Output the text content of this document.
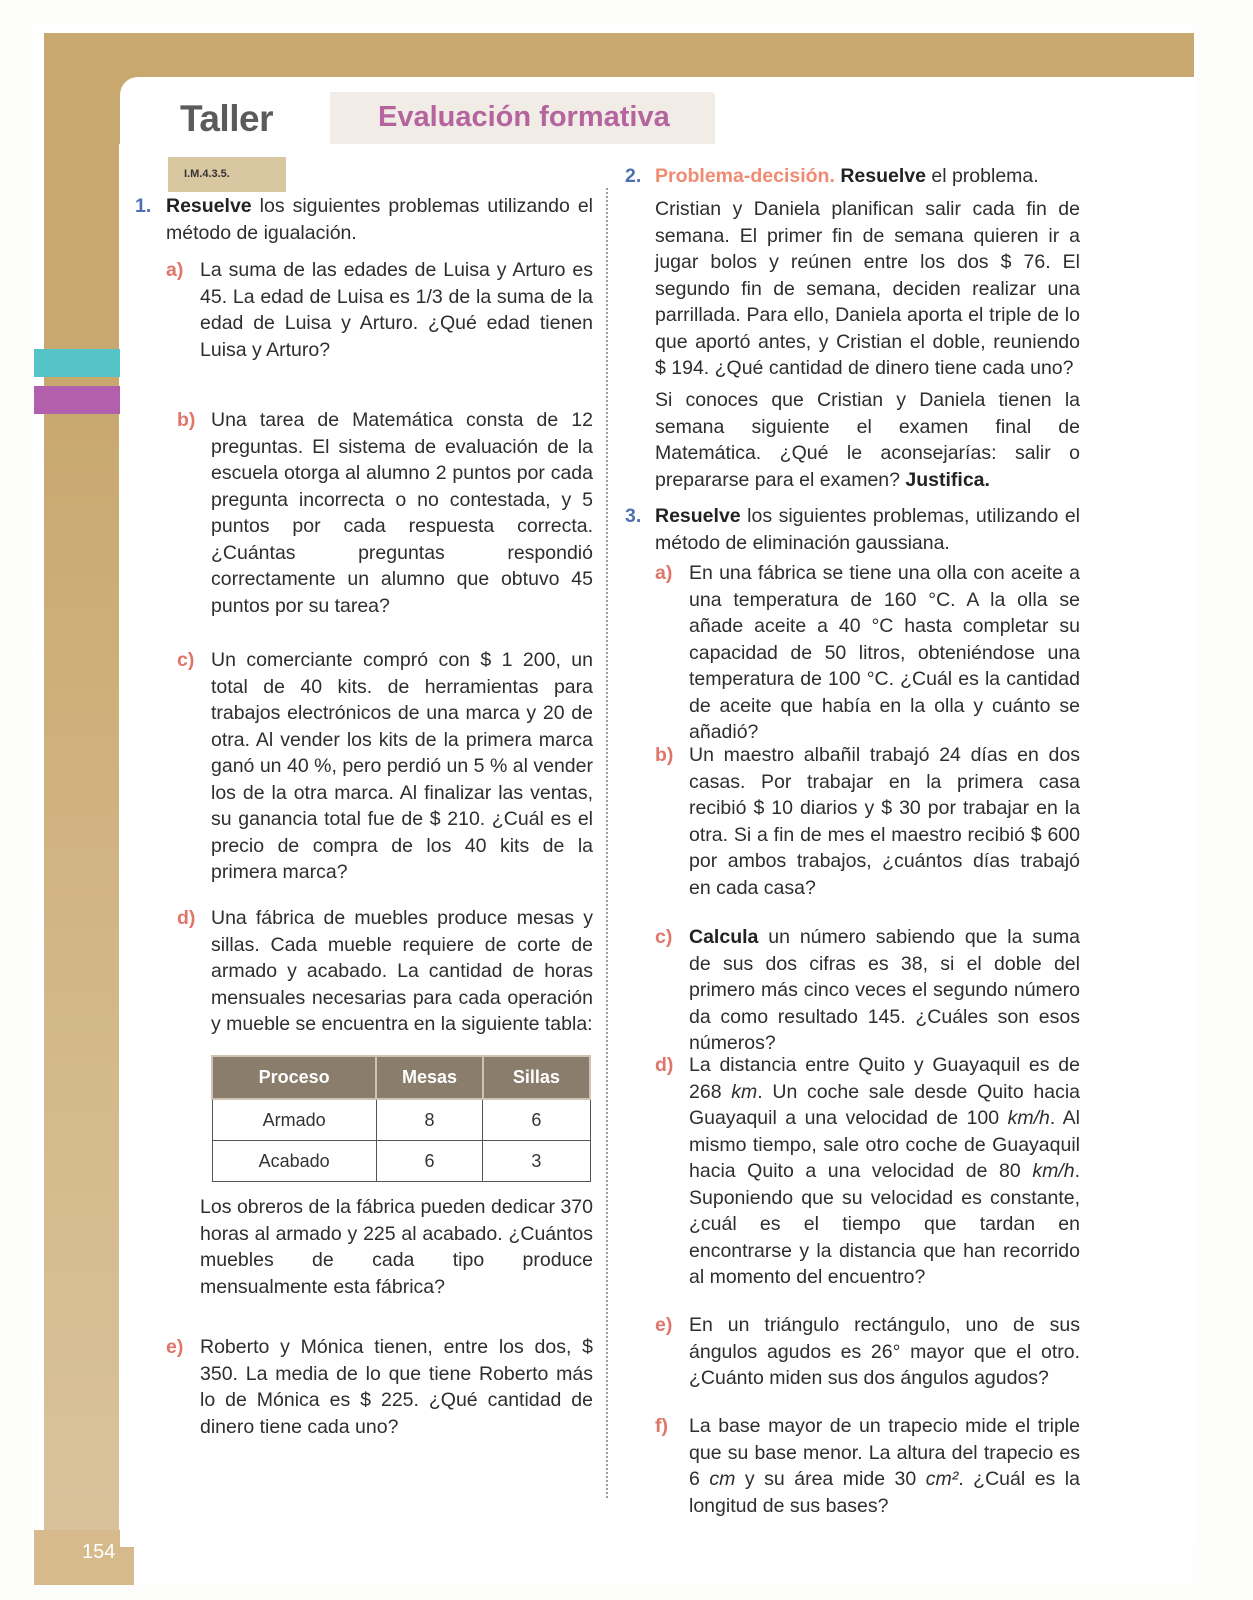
154
Taller	Evaluación formativa
I.M.4.3.5.
1. Resuelve los siguientes problemas utilizando el método de igualación.
a) La suma de las edades de Luisa y Arturo es 45. La edad de Luisa es 1/3 de la suma de la edad de Luisa y Arturo. ¿Qué edad tienen Luisa y Arturo?
b) Una tarea de Matemática consta de 12 preguntas. El sistema de evaluación de la escuela otorga al alumno 2 puntos por cada pregunta incorrecta o no contestada, y 5 puntos por cada respuesta correcta. ¿Cuántas preguntas respondió correctamente un alumno que obtuvo 45 puntos por su tarea?
c) Un comerciante compró con $ 1 200, un total de 40 kits. de herramientas para trabajos electrónicos de una marca y 20 de otra. Al vender los kits de la primera marca ganó un 40 %, pero perdió un 5 % al vender los de la otra marca. Al finalizar las ventas, su ganancia total fue de $ 210. ¿Cuál es el precio de compra de los 40 kits de la primera marca?
d) Una fábrica de muebles produce mesas y sillas. Cada mueble requiere de corte de armado y acabado. La cantidad de horas mensuales necesarias para cada operación y mueble se encuentra en la siguiente tabla:
Proceso	Mesas	Sillas
Armado	8	6
Acabado	6	3
Los obreros de la fábrica pueden dedicar 370 horas al armado y 225 al acabado. ¿Cuántos muebles de cada tipo produce mensualmente esta fábrica?
e) Roberto y Mónica tienen, entre los dos, $ 350. La media de lo que tiene Roberto más lo de Mónica es $ 225. ¿Qué cantidad de dinero tiene cada uno?
2. Problema-decisión. Resuelve el problema.
Cristian y Daniela planifican salir cada fin de semana. El primer fin de semana quieren ir a jugar bolos y reúnen entre los dos $ 76. El segundo fin de semana, deciden realizar una parrillada. Para ello, Daniela aporta el triple de lo que aportó antes, y Cristian el doble, reuniendo $ 194. ¿Qué cantidad de dinero tiene cada uno?
Si conoces que Cristian y Daniela tienen la semana siguiente el examen final de Matemática. ¿Qué le aconsejarías: salir o prepararse para el examen? Justifica.
3. Resuelve los siguientes problemas, utilizando el método de eliminación gaussiana.
a) En una fábrica se tiene una olla con aceite a una temperatura de 160 °C. A la olla se añade aceite a 40 °C hasta completar su capacidad de 50 litros, obteniéndose una temperatura de 100 °C. ¿Cuál es la cantidad de aceite que había en la olla y cuánto se añadió?
b) Un maestro albañil trabajó 24 días en dos casas. Por trabajar en la primera casa recibió $ 10 diarios y $ 30 por trabajar en la otra. Si a fin de mes el maestro recibió $ 600 por ambos trabajos, ¿cuántos días trabajó en cada casa?
c) Calcula un número sabiendo que la suma de sus dos cifras es 38, si el doble del primero más cinco veces el segundo número da como resultado 145. ¿Cuáles son esos números?
d) La distancia entre Quito y Guayaquil es de 268 km. Un coche sale desde Quito hacia Guayaquil a una velocidad de 100 km/h. Al mismo tiempo, sale otro coche de Guayaquil hacia Quito a una velocidad de 80 km/h. Suponiendo que su velocidad es constante, ¿cuál es el tiempo que tardan en encontrarse y la distancia que han recorrido al momento del encuentro?
e) En un triángulo rectángulo, uno de sus ángulos agudos es 26° mayor que el otro. ¿Cuánto miden sus dos ángulos agudos?
f) La base mayor de un trapecio mide el triple que su base menor. La altura del trapecio es 6 cm y su área mide 30 cm². ¿Cuál es la longitud de sus bases?
